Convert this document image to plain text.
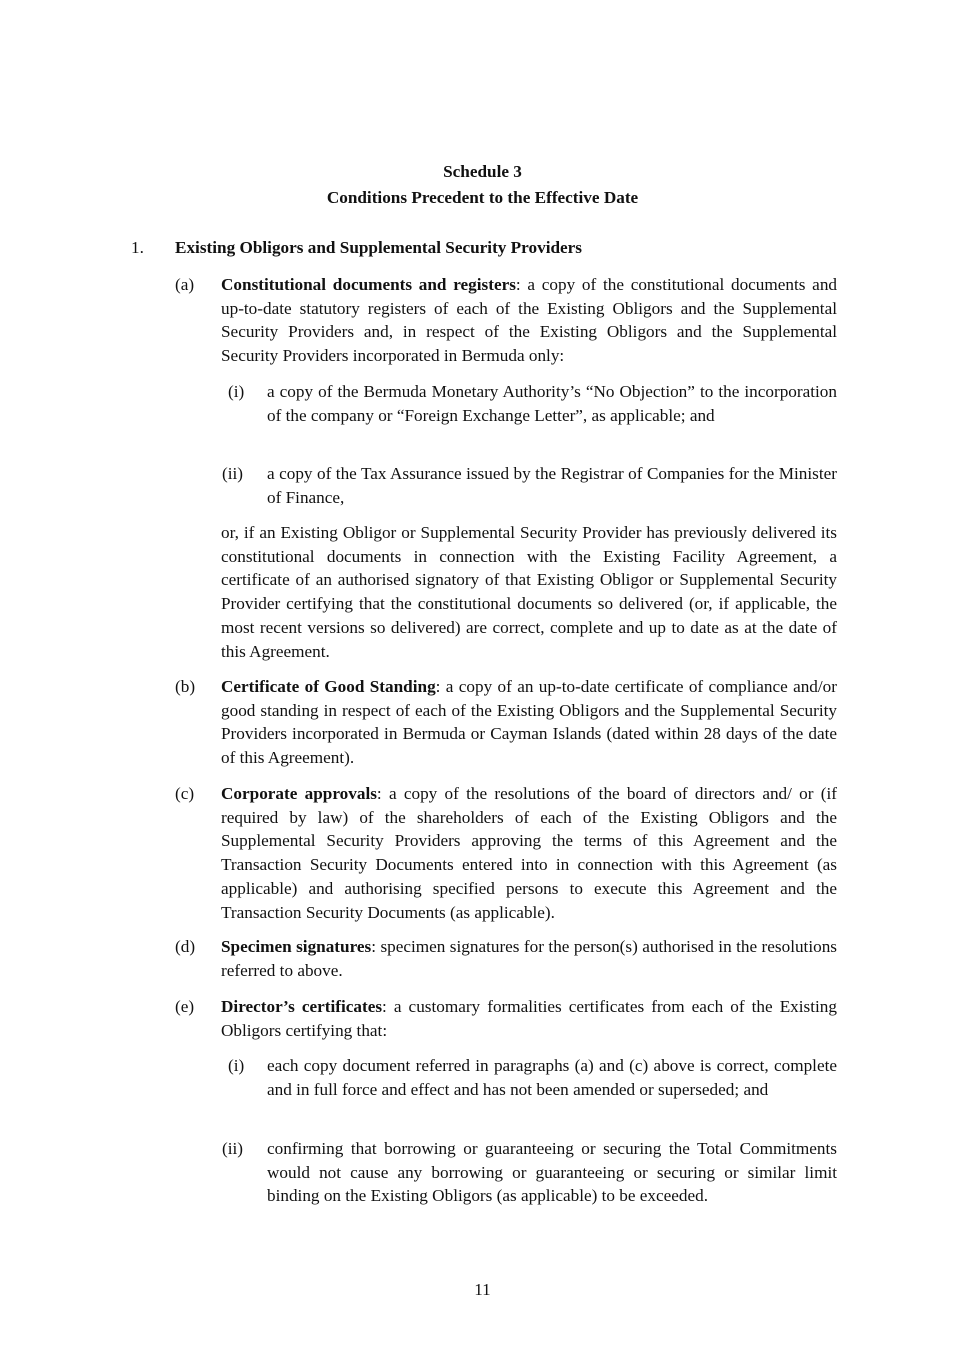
Schedule 3
Conditions Precedent to the Effective Date
1. Existing Obligors and Supplemental Security Providers
(a) Constitutional documents and registers: a copy of the constitutional documents and up-to-date statutory registers of each of the Existing Obligors and the Supplemental Security Providers and, in respect of the Existing Obligors and the Supplemental Security Providers incorporated in Bermuda only:

(i) a copy of the Bermuda Monetary Authority’s “No Objection” to the incorporation of the company or “Foreign Exchange Letter”, as applicable; and

(ii) a copy of the Tax Assurance issued by the Registrar of Companies for the Minister of Finance,

or, if an Existing Obligor or Supplemental Security Provider has previously delivered its constitutional documents in connection with the Existing Facility Agreement, a certificate of an authorised signatory of that Existing Obligor or Supplemental Security Provider certifying that the constitutional documents so delivered (or, if applicable, the most recent versions so delivered) are correct, complete and up to date as at the date of this Agreement.

(b) Certificate of Good Standing: a copy of an up-to-date certificate of compliance and/or good standing in respect of each of the Existing Obligors and the Supplemental Security Providers incorporated in Bermuda or Cayman Islands (dated within 28 days of the date of this Agreement).

(c) Corporate approvals: a copy of the resolutions of the board of directors and/ or (if required by law) of the shareholders of each of the Existing Obligors and the Supplemental Security Providers approving the terms of this Agreement and the Transaction Security Documents entered into in connection with this Agreement (as applicable) and authorising specified persons to execute this Agreement and the Transaction Security Documents (as applicable).

(d) Specimen signatures: specimen signatures for the person(s) authorised in the resolutions referred to above.

(e) Director’s certificates: a customary formalities certificates from each of the Existing Obligors certifying that:

(i) each copy document referred in paragraphs (a) and (c) above is correct, complete and in full force and effect and has not been amended or superseded; and

(ii) confirming that borrowing or guaranteeing or securing the Total Commitments would not cause any borrowing or guaranteeing or securing or similar limit binding on the Existing Obligors (as applicable) to be exceeded.

11
